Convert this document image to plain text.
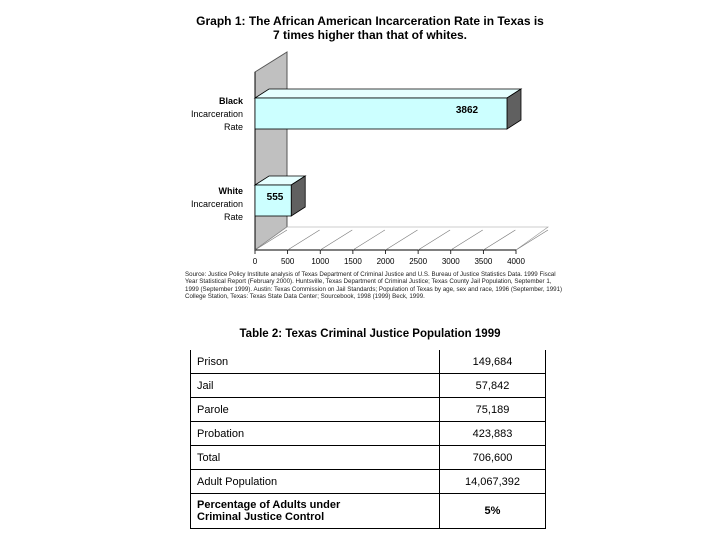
Graph 1: The African American Incarceration Rate in Texas is
7 times higher than that of whites.
0	500 1000 1500 2000 2500 3000 3500 4000
3862
555
Black
Incarceration
Rate
White
Incarceration
Rate
Source: Justice Policy Institute analysis of Texas Department of Criminal Justice and U.S. Bureau of Justice Statistics Data. 1999 Fiscal Year Statistical Report (February 2000). Huntsville, Texas Department of Criminal Justice; Texas County Jail Population, September 1, 1999 (September 1999). Austin: Texas Commission on Jail Standards; Population of Texas by age, sex and race, 1996 (September, 1991) College Station, Texas: Texas State Data Center; Sourcebook, 1998 (1999) Beck, 1999.
Table 2: Texas Criminal Justice Population 1999
Prison	149,684
Jail	57,842
Parole	75,189
Probation	423,883
Total	706,600
Adult Population	14,067,392

Percentage of Adults under
Criminal Justice Control	5%
